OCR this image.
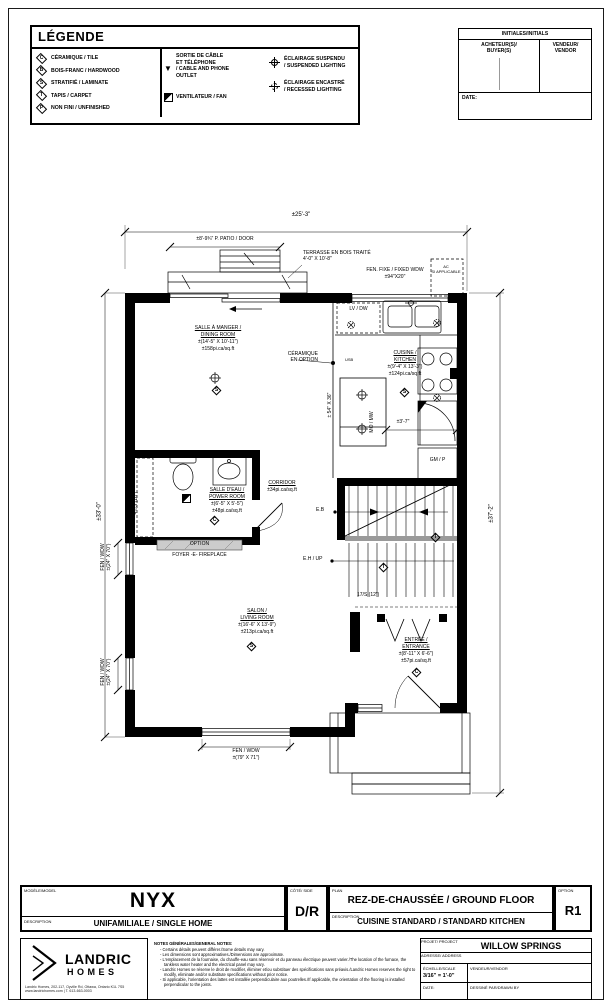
LÉGENDE
C	CÉRAMIQUE / TILE
B	BOIS-FRANC / HARDWOOD
S	STRATIFIÉ / LAMINATE
T	TAPIS / CARPET
P	NON FINI / UNFINISHED
▼
SORTIE DE CÂBLE
ET TÉLÉPHONE
/ CABLE AND PHONE
OUTLET
VENTILATEUR / FAN
ÉCLAIRAGE SUSPENDU
/ SUSPENDED LIGHTING
ÉCLAIRAGE ENCASTRÉ
/ RECESSED LIGHTING
INITIALES/INITIALS
ACHETEUR(S)/
BUYER(S)
VENDEUR/
VENDOR
DATE:
±25'-3"
±8'-9¾" P. PATIO / DOOR
TERRASSE EN BOIS TRAITÉ
4'-0" X 10'-8"
FEN. FIXE / FIXED WDW
±94"X20"
AC
SI APPLICABLE
SALLE À MANGER /
DINING ROOM
±(14'-5" X 10'-11")
±158pi.ca/sq.ft
S
CÉRAMIQUE
EN OPTION
LV / DW
USB
± 54" X 36"
MO / MW
CUISINE /
KITCHEN
±(9'-4" X 13'-3")
±124pi.ca/sq.ft
S
±3'-7"
GM / P
SALLE D'EAU /
POWER ROOM
±(6'-5" X 5'-5")
±48pi.ca/sq.ft
C
CORRIDOR
±34pi.ca/sq.ft
E.B
E.H / UP
4T/S (16")
17/S (12")
OPTION
FOYER -E- FIREPLACE
SALON /
LIVING ROOM
±(16'-6" X 13'-9")
±213pi.ca/sq.ft
S
ENTRÉE /
ENTRANCE
±(8'-11" X 6'-6")
±57pi.ca/sq.ft
C
T
T
FEN / WDW
±(79" X 71")
FEN / WDW ±(24" X 70")
FEN / WDW ±(24" X 70")
±33'-0"	±37'-2"
MODÈLE/MODEL	NYX
DESCRIPTION	UNIFAMILIALE / SINGLE HOME
CÔTÉ/ SIDE
D/R
PLAN
REZ-DE-CHAUSSÉE / GROUND FLOOR
DESCRIPTION
CUISINE STANDARD / STANDARD KITCHEN
OPTION
R1
LANDRIC
HOMES
Landric Homes, 202-117, Oyville Rd, Ottawa, Ontario K1L 7S5
www.landrichomes.com | T. 613-663-0003
NOTES GÉNÉRALES/GENERAL NOTES:
- Certains détails peuvent différer./Some details may vary.
- Les dimensions sont approximatives./Dimensions are approximate.
- L'emplacement de la fournaise, du chauffe-eau sans réservoir et du panneau électrique peuvent varier./The location of the furnace, the tankless water heater and the electrical panel may vary.
- Landric Homes se réserve le droit de modifier, éliminer et/ou substituer des spécifications sans préavis./Landric Homes reserves the right to modify, eliminate and/or substitute specifications without prior notice.
- Si applicable, l'orientation des lattes est installée perpendiculaire aux poutrelles./If applicable, the orientation of the flooring is installed perpendicular to the joists.
PROJET/ PROJECT	WILLOW SPRINGS
ADRESSE/ ADDRESS
ÉCHELLE/SCALE
3/16" = 1'-0"
DATE:
VENDEUR/VENDOR
DESSINÉ PAR/DRAWN BY
